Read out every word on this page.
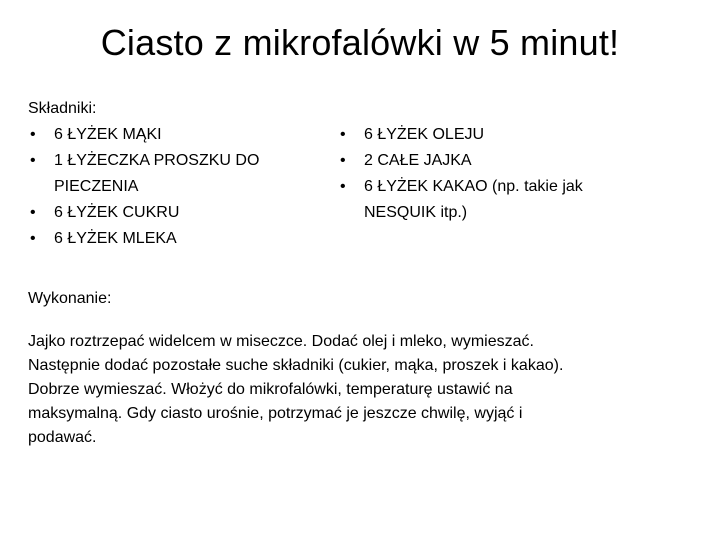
Ciasto z mikrofalówki w 5 minut!
Składniki:
• 6 ŁYŻEK MĄKI
• 1 ŁYŻECZKA PROSZKU DO PIECZENIA
• 6 ŁYŻEK CUKRU
• 6 ŁYŻEK MLEKA
• 6 ŁYŻEK OLEJU
• 2 CAŁE JAJKA
• 6 ŁYŻEK KAKAO (np. takie jak NESQUIK itp.)
Wykonanie:

Jajko roztrzepać widelcem w miseczce. Dodać olej i mleko, wymieszać. Następnie dodać pozostałe suche składniki (cukier, mąka, proszek i kakao). Dobrze wymieszać. Włożyć do mikrofalówki, temperaturę ustawić na maksymalną. Gdy ciasto urośnie, potrzymać je jeszcze chwilę, wyjąć i podawać.
